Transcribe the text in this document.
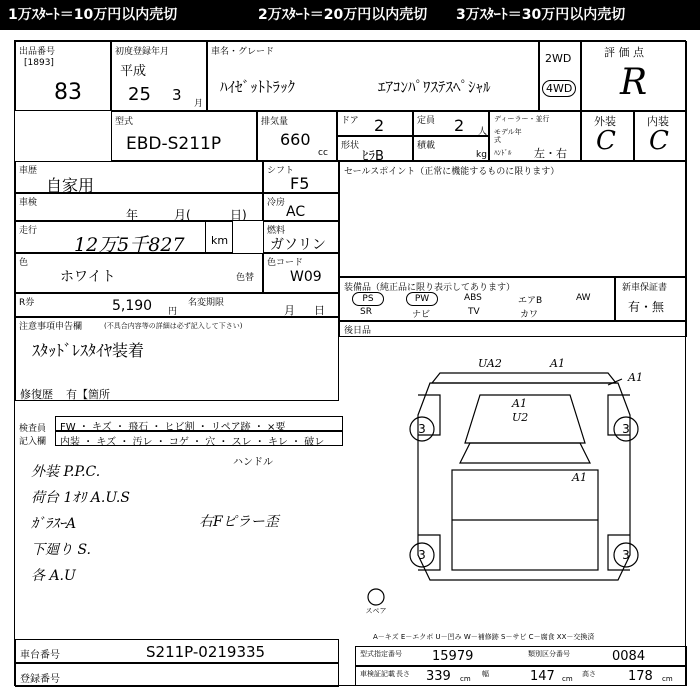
1万ｽﾀｰﾄ＝10万円以内売切	2万ｽﾀｰﾄ＝20万円以内売切 3万ｽﾀｰﾄ＝30万円以内売切
出品番号
[1893]
83
初度登録年月
平成
25 3 月
車名・グレード
ﾊｲｾﾞｯﾄﾄﾗｯｸ	ｴｱｺﾝﾊﾟﾜｽﾃｽﾍﾟｼｬﾙ
2WD
4WD
評 価 点
R
型式
EBD-S211P
排気量
660
cc
ドア 2	定員 2 人
形状
ﾋﾗB
積載
kg
ディーラー・並行
モデル年式
ﾊﾝﾄﾞﾙ 左・右
外装
C
内装
C
車歴
自家用
シフト
F5
車検
年	月(	日)
冷房
AC
走行
12万5千827 km
燃料
ガソリン
色
ホワイト	色替
色コード
W09
R券	5,190 円
名変期限
月 日
注意事項申告欄	(不具合内容等の詳細は必ず記入して下さい)
ｽﾀｯﾄﾞﾚｽﾀｲﾔ装着
修復歴 有【箇所
セールスポイント（正常に機能するものに限ります）
装備品（純正品に限り表示してあります）
PS	PW	ABS	エアB	AW
SR	ナビ	TV	カワ
新車保証書
有・無
後日品
検査員
記入欄
FW ・ キズ ・ 飛石 ・ ヒビ割 ・ リペア跡 ・ ×要
内装 ・ キズ ・ 汚レ ・ コゲ ・ 穴 ・ スレ ・ キレ ・ 破レ
ハンドル
外装 P.P.C.
荷台 1ｵﾘ A.U.S
ｶﾞﾗｽｰA
下廻り S.
各 A.U
右Fピラー歪
A－キズ E－エクボ U－凹み W－補修跡 S－サビ C－腐食 XX－交換済
車台番号	S211P-0219335
登録番号
型式指定番号 15979	類別区分番号	0084
車検証記載 長さ 339 cm
幅	147 cm
高さ 178 cm
UA2	A1
A1
A1
U2
A1
3	3
3	3
スペア
